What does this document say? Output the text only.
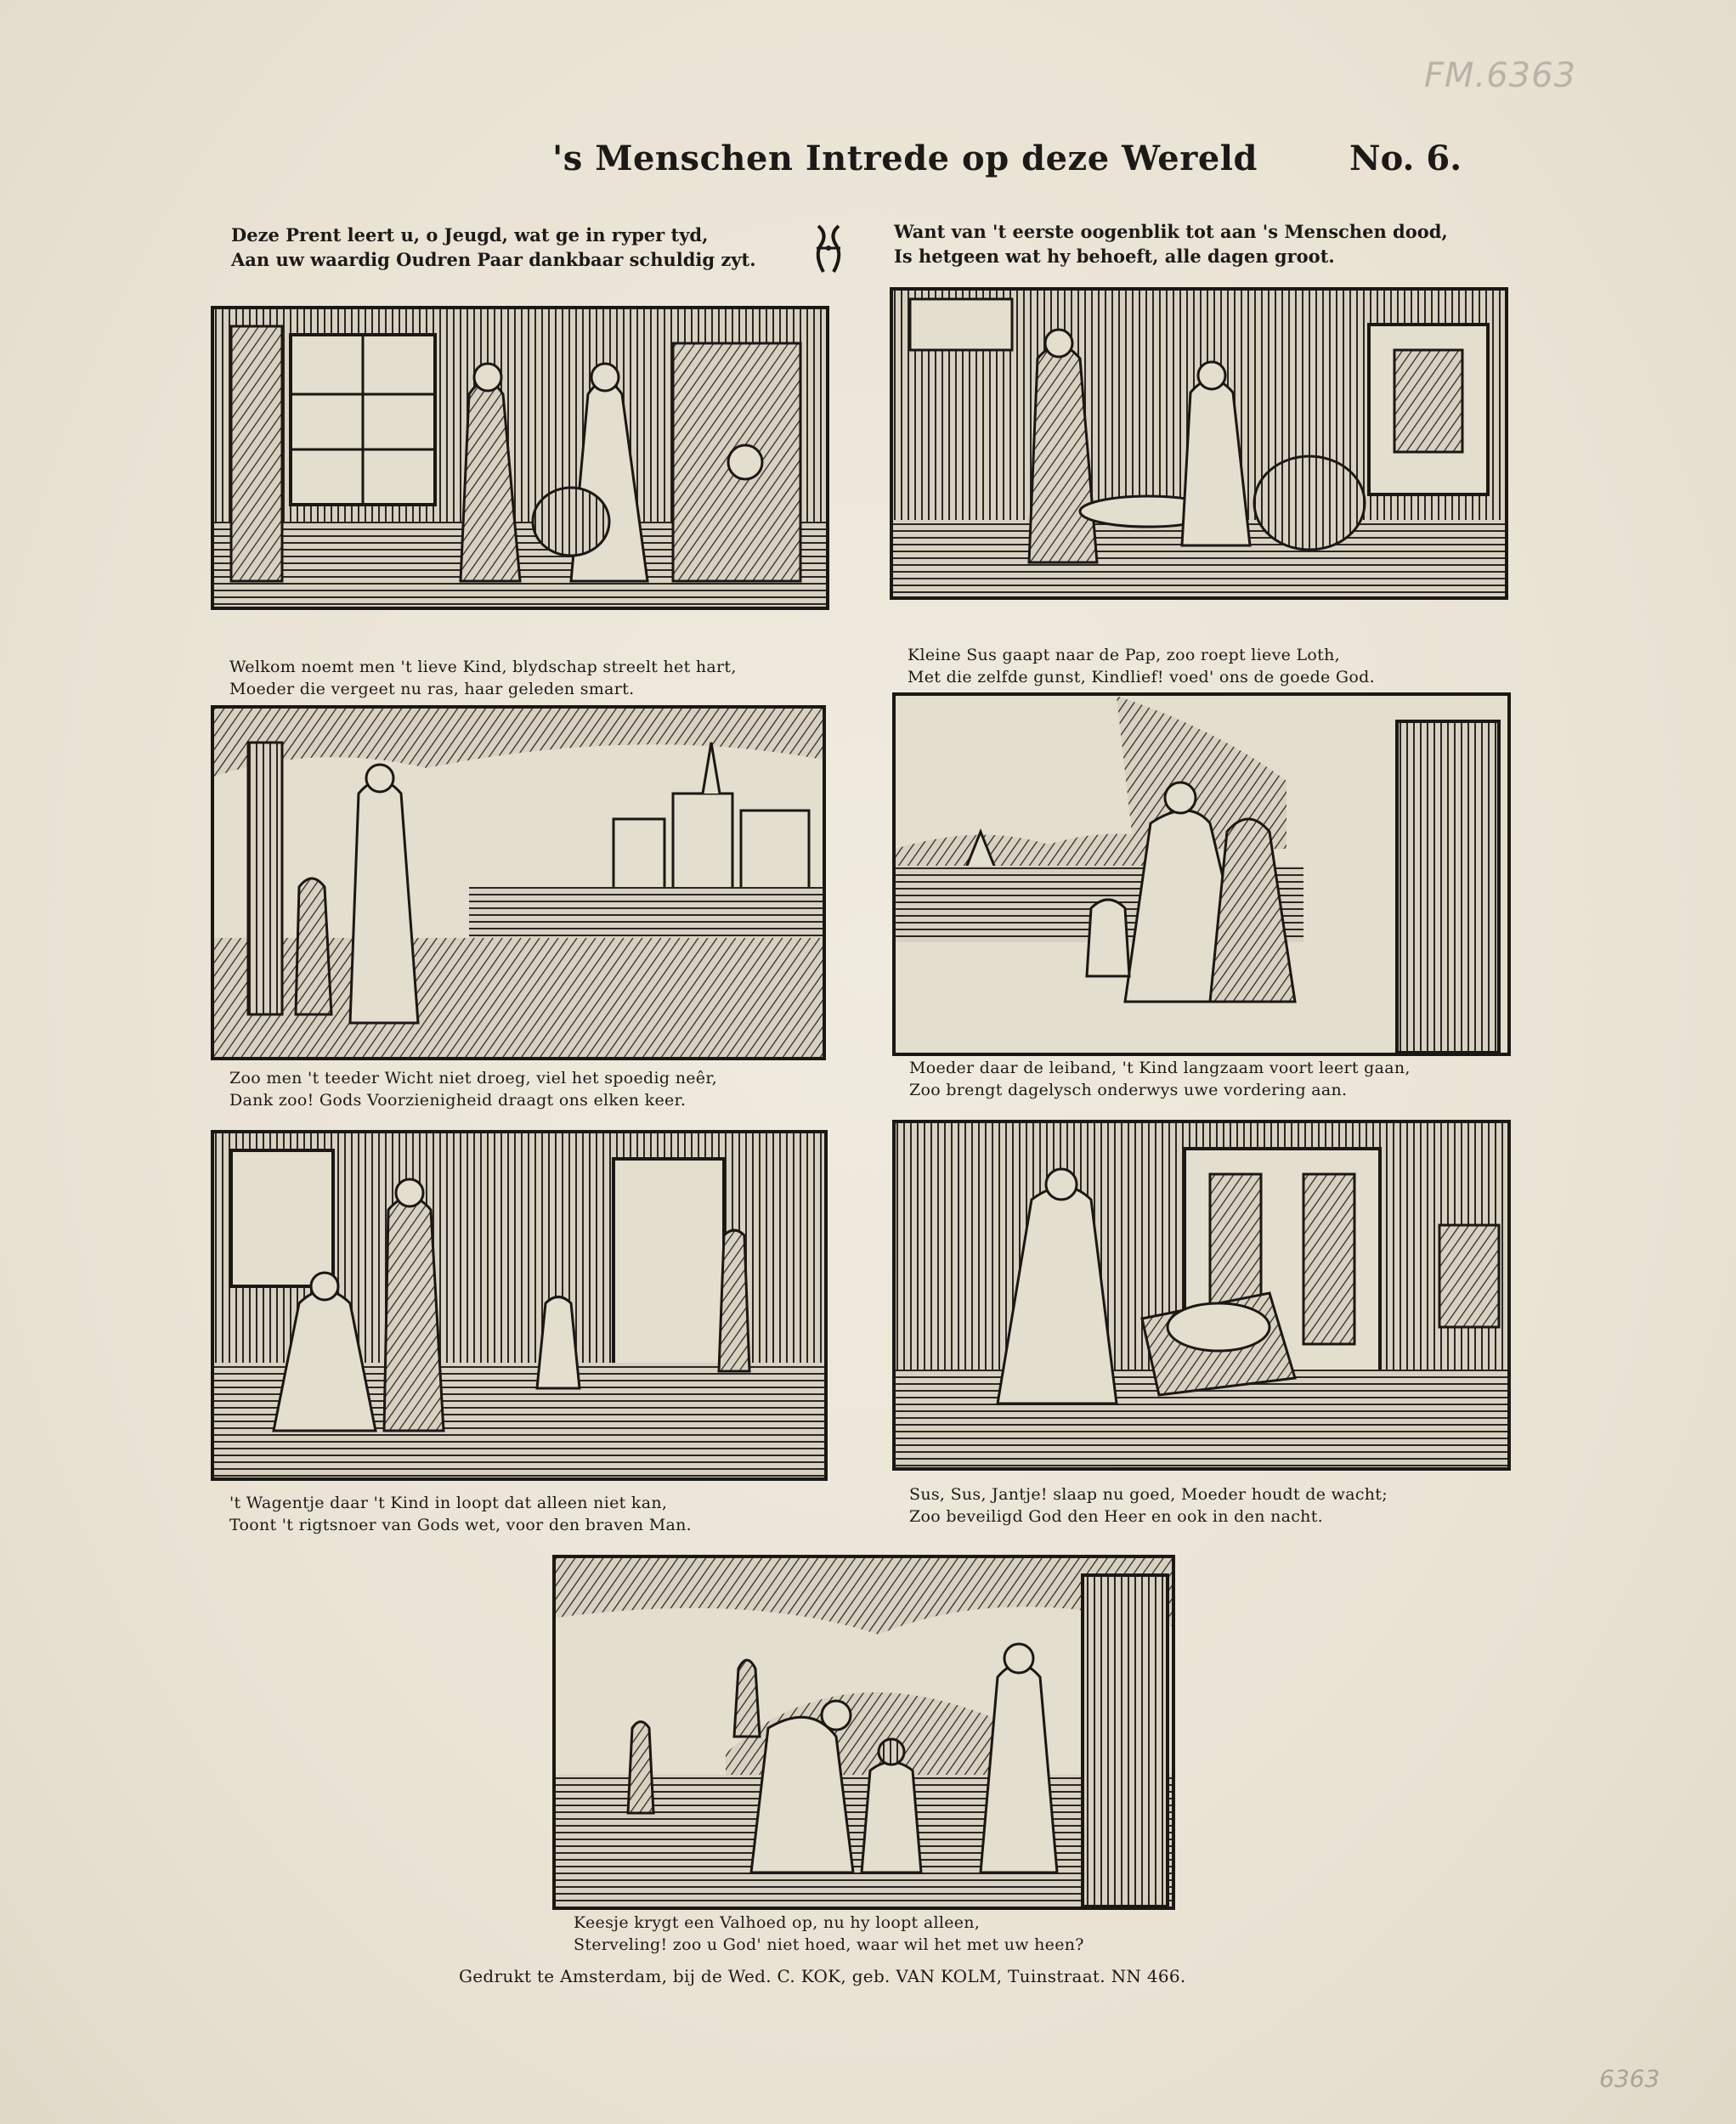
FM.6363
's Menschen Intrede op deze Wereld	No. 6.
Deze Prent leert u, o Jeugd, wat ge in ryper tyd,
Aan uw waardig Oudren Paar dankbaar schuldig zyt.
Want van 't eerste oogenblik tot aan 's Menschen dood,
Is hetgeen wat hy behoeft, alle dagen groot.
Welkom noemt men 't lieve Kind, blydschap streelt het hart,
Moeder die vergeet nu ras, haar geleden smart.
Kleine Sus gaapt naar de Pap, zoo roept lieve Loth,
Met die zelfde gunst, Kindlief! voed' ons de goede God.
Zoo men 't teeder Wicht niet droeg, viel het spoedig neêr,
Dank zoo! Gods Voorzienigheid draagt ons elken keer.
Moeder daar de leiband, 't Kind langzaam voort leert gaan,
Zoo brengt dagelysch onderwys uwe vordering aan.
't Wagentje daar 't Kind in loopt dat alleen niet kan,
Toont 't rigtsnoer van Gods wet, voor den braven Man.
Sus, Sus, Jantje! slaap nu goed, Moeder houdt de wacht;
Zoo beveiligd God den Heer en ook in den nacht.
Keesje krygt een Valhoed op, nu hy loopt alleen,
Sterveling! zoo u God' niet hoed, waar wil het met uw heen?
Gedrukt te Amsterdam, bij de Wed. C. KOK, geb. VAN KOLM, Tuinstraat. NN 466.
6363
